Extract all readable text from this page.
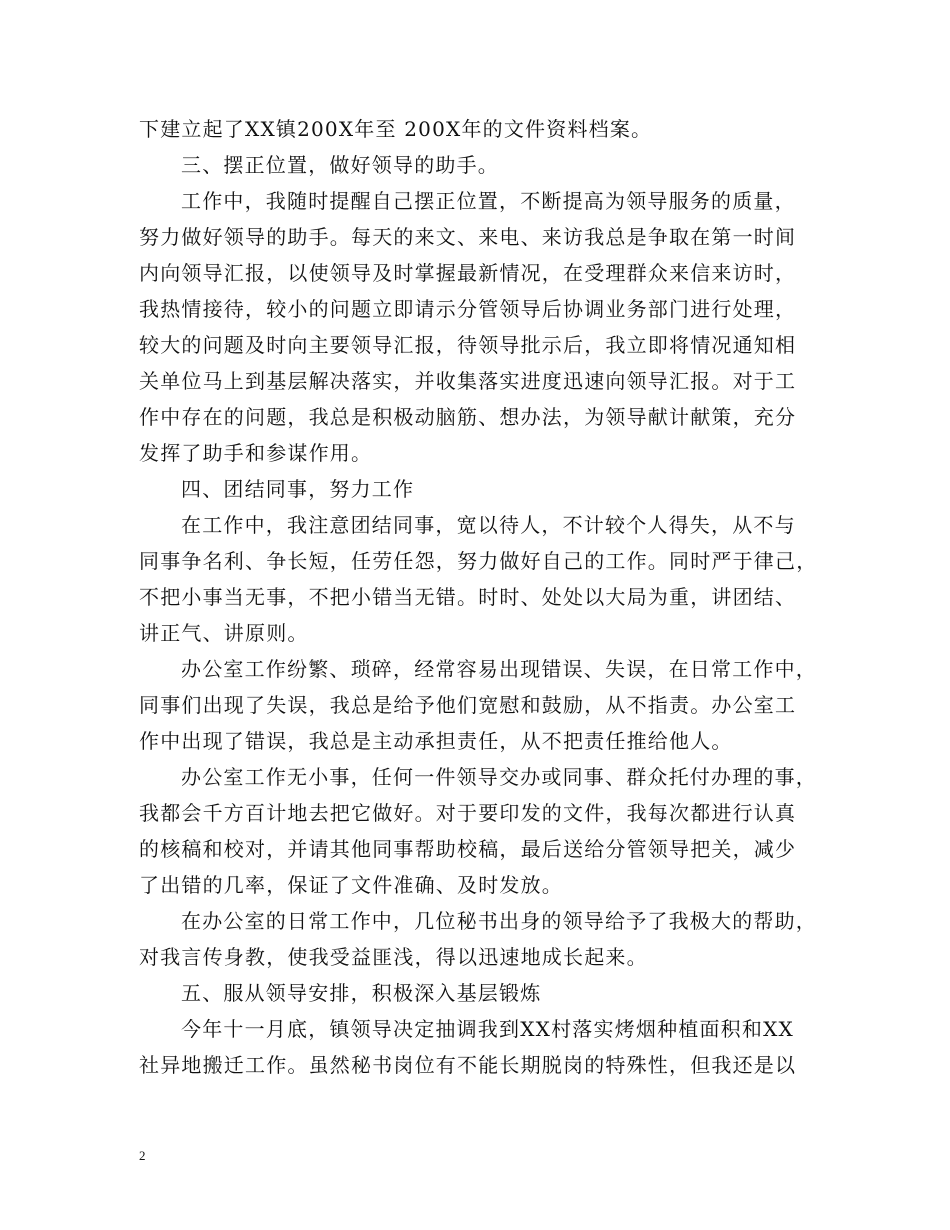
下建立起了XX镇200X年至 200X年的文件资料档案。
三、摆正位置，做好领导的助手。
工作中，我随时提醒自己摆正位置，不断提高为领导服务的质量，
努力做好领导的助手。每天的来文、来电、来访我总是争取在第一时间
内向领导汇报，以使领导及时掌握最新情况，在受理群众来信来访时，
我热情接待，较小的问题立即请示分管领导后协调业务部门进行处理，
较大的问题及时向主要领导汇报，待领导批示后，我立即将情况通知相
关单位马上到基层解决落实，并收集落实进度迅速向领导汇报。对于工
作中存在的问题，我总是积极动脑筋、想办法，为领导献计献策，充分
发挥了助手和参谋作用。
四、团结同事，努力工作
在工作中，我注意团结同事，宽以待人，不计较个人得失，从不与
同事争名利、争长短，任劳任怨，努力做好自己的工作。同时严于律己，
不把小事当无事，不把小错当无错。时时、处处以大局为重，讲团结、
讲正气、讲原则。
办公室工作纷繁、琐碎，经常容易出现错误、失误，在日常工作中，
同事们出现了失误，我总是给予他们宽慰和鼓励，从不指责。办公室工
作中出现了错误，我总是主动承担责任，从不把责任推给他人。
办公室工作无小事，任何一件领导交办或同事、群众托付办理的事，
我都会千方百计地去把它做好。对于要印发的文件，我每次都进行认真
的核稿和校对，并请其他同事帮助校稿，最后送给分管领导把关，减少
了出错的几率，保证了文件准确、及时发放。
在办公室的日常工作中，几位秘书出身的领导给予了我极大的帮助，
对我言传身教，使我受益匪浅，得以迅速地成长起来。
五、服从领导安排，积极深入基层锻炼
今年十一月底，镇领导决定抽调我到XX村落实烤烟种植面积和XX
社异地搬迁工作。虽然秘书岗位有不能长期脱岗的特殊性，但我还是以
2
